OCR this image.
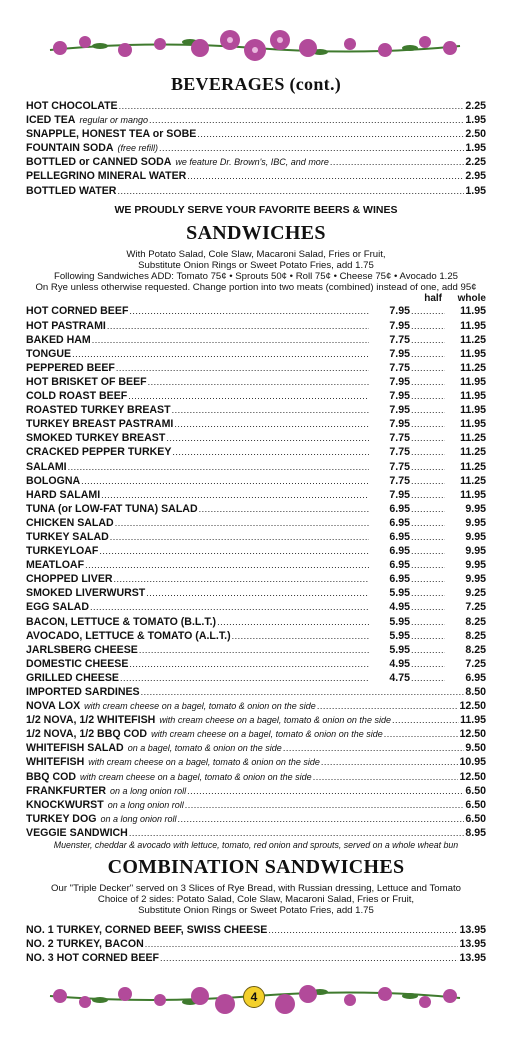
BEVERAGES (cont.)
HOT CHOCOLATE .....	2.25
ICED TEA regular or mango .....	1.95
SNAPPLE, HONEST TEA or SOBE .....	2.50
FOUNTAIN SODA (free refill) .....	1.95
BOTTLED or CANNED SODA we feature Dr. Brown's, IBC, and more .....	2.25
PELLEGRINO MINERAL WATER .....	2.95
BOTTLED WATER .....	1.95
WE PROUDLY SERVE YOUR FAVORITE BEERS & WINES
SANDWICHES
With Potato Salad, Cole Slaw, Macaroni Salad, Fries or Fruit,
Substitute Onion Rings or Sweet Potato Fries, add 1.75
Following Sandwiches ADD: Tomato 75¢ • Sprouts 50¢ • Roll 75¢ • Cheese 75¢ • Avocado 1.25
On Rye unless otherwise requested. Change portion into two meats (combined) instead of one, add 95¢
half	whole
HOT CORNED BEEF .....	7.95 .....	11.95
HOT PASTRAMI .....	7.95 .....	11.95
BAKED HAM .....	7.75 .....	11.25
TONGUE .....	7.95 .....	11.95
PEPPERED BEEF .....	7.75 .....	11.25
HOT BRISKET OF BEEF .....	7.95 .....	11.95
COLD ROAST BEEF .....	7.95 .....	11.95
ROASTED TURKEY BREAST .....	7.95 .....	11.95
TURKEY BREAST PASTRAMI .....	7.95 .....	11.95
SMOKED TURKEY BREAST .....	7.75 .....	11.25
CRACKED PEPPER TURKEY .....	7.75 .....	11.25
SALAMI .....	7.75 .....	11.25
BOLOGNA .....	7.75 .....	11.25
HARD SALAMI .....	7.95 .....	11.95
TUNA (or LOW-FAT TUNA) SALAD .....	6.95 .....	9.95
CHICKEN SALAD .....	6.95 .....	9.95
TURKEY SALAD .....	6.95 .....	9.95
TURKEYLOAF .....	6.95 .....	9.95
MEATLOAF .....	6.95 .....	9.95
CHOPPED LIVER .....	6.95 .....	9.95
SMOKED LIVERWURST .....	5.95 .....	9.25
EGG SALAD .....	4.95 .....	7.25
BACON, LETTUCE & TOMATO (B.L.T.) .....	5.95 .....	8.25
AVOCADO, LETTUCE & TOMATO (A.L.T.) .....	5.95 .....	8.25
JARLSBERG CHEESE .....	5.95 .....	8.25
DOMESTIC CHEESE .....	4.95 .....	7.25
GRILLED CHEESE .....	4.75 .....	6.95
IMPORTED SARDINES .....	8.50
NOVA LOX with cream cheese on a bagel, tomato & onion on the side .....	12.50
1/2 NOVA, 1/2 WHITEFISH with cream cheese on a bagel, tomato & onion on the side .....	11.95
1/2 NOVA, 1/2 BBQ COD with cream cheese on a bagel, tomato & onion on the side .....	12.50
WHITEFISH SALAD on a bagel, tomato & onion on the side .....	9.50
WHITEFISH with cream cheese on a bagel, tomato & onion on the side .....	10.95
BBQ COD with cream cheese on a bagel, tomato & onion on the side .....	12.50
FRANKFURTER on a long onion roll .....	6.50
KNOCKWURST on a long onion roll .....	6.50
TURKEY DOG on a long onion roll .....	6.50
VEGGIE SANDWICH .....	8.95
Muenster, cheddar & avocado with lettuce, tomato, red onion and sprouts, served on a whole wheat bun
COMBINATION SANDWICHES
Our "Triple Decker" served on 3 Slices of Rye Bread, with Russian dressing, Lettuce and Tomato
Choice of 2 sides: Potato Salad, Cole Slaw, Macaroni Salad, Fries or Fruit,
Substitute Onion Rings or Sweet Potato Fries, add 1.75
NO. 1 TURKEY, CORNED BEEF, SWISS CHEESE .....	13.95
NO. 2 TURKEY, BACON .....	13.95
NO. 3 HOT CORNED BEEF .....	13.95
4
